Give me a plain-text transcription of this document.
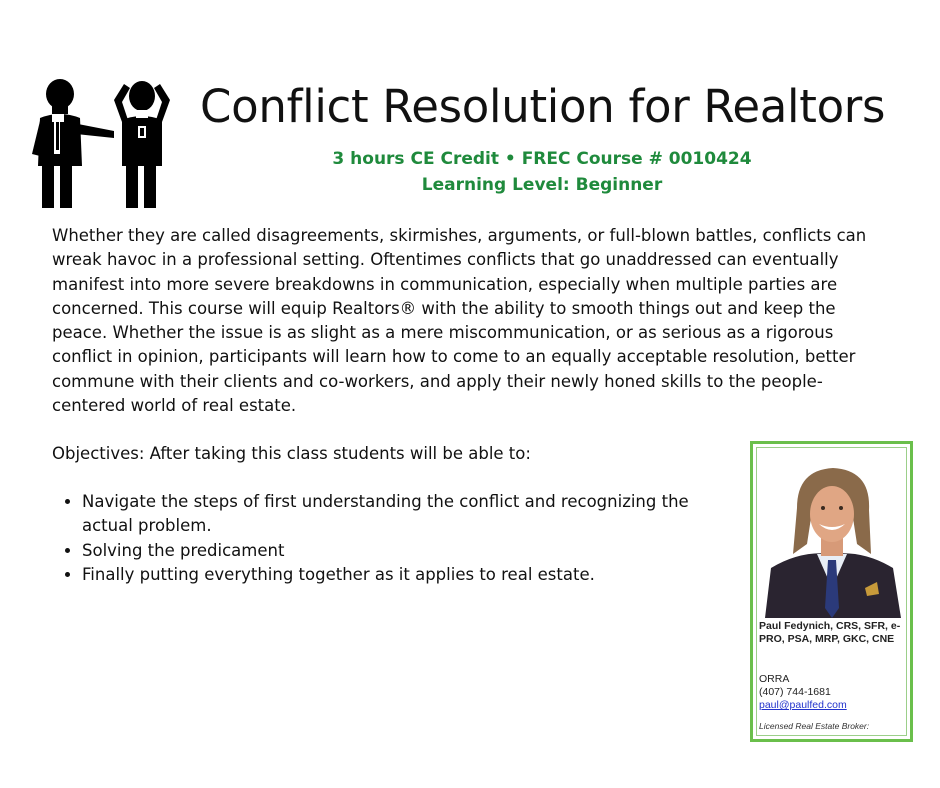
Conflict Resolution for Realtors
3 hours CE Credit • FREC Course # 0010424
Learning Level: Beginner

Whether they are called disagreements, skirmishes, arguments, or full-blown battles, conflicts can wreak havoc in a professional setting. Oftentimes conflicts that go unaddressed can eventually manifest into more severe breakdowns in communication, especially when multiple parties are concerned. This course will equip Realtors® with the ability to smooth things out and keep the peace. Whether the issue is as slight as a mere miscommunication, or as serious as a rigorous conflict in opinion, participants will learn how to come to an equally acceptable resolution, better commune with their clients and co-workers, and apply their newly honed skills to the people-centered world of real estate.

Objectives: After taking this class students will be able to:

• Navigate the steps of first understanding the conflict and recognizing the actual problem.
• Solving the predicament
• Finally putting everything together as it applies to real estate.
Paul Fedynich, CRS, SFR, e-PRO, PSA, MRP, GKC, CNE
ORRA
(407) 744-1681
paul@paulfed.com
Licensed Real Estate Broker:
